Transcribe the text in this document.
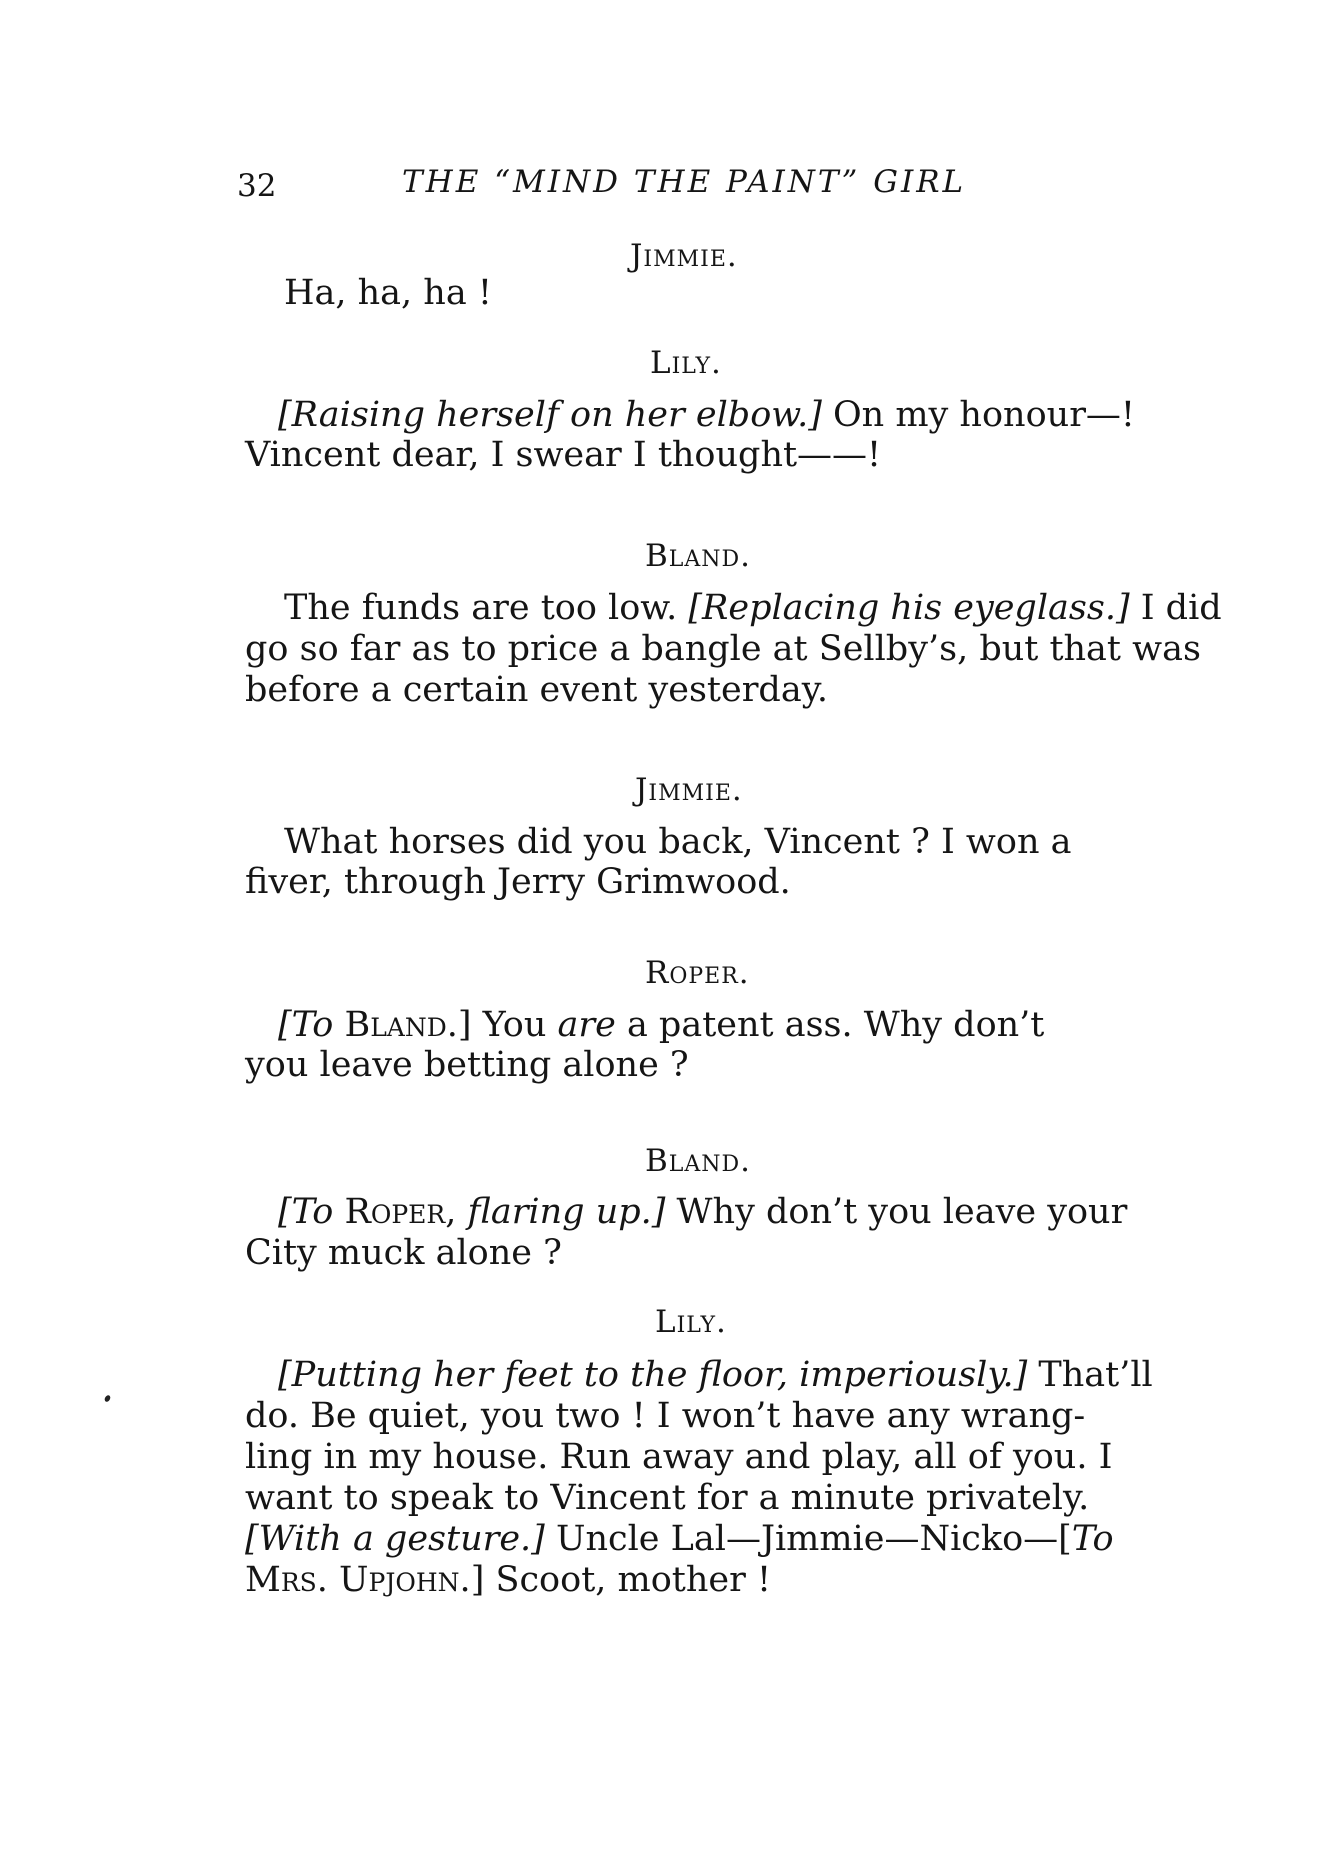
32	THE “MIND THE PAINT” GIRL
Jimmie.
Ha, ha, ha !
Lily.
[Raising herself on her elbow.] On my honour—!
Vincent dear, I swear I thought——!
Bland.
The funds are too low. [Replacing his eyeglass.] I did
go so far as to price a bangle at Sellby’s, but that was
before a certain event yesterday.
Jimmie.
What horses did you back, Vincent ? I won a
fiver, through Jerry Grimwood.
Roper.
[To Bland.] You are a patent ass. Why don’t
you leave betting alone ?
Bland.
[To Roper, flaring up.] Why don’t you leave your
City muck alone ?
Lily.
[Putting her feet to the floor, imperiously.] That’ll
do. Be quiet, you two ! I won’t have any wrang-
ling in my house. Run away and play, all of you. I
want to speak to Vincent for a minute privately.
[With a gesture.] Uncle Lal—Jimmie—Nicko—[To
Mrs. Upjohn.] Scoot, mother !
